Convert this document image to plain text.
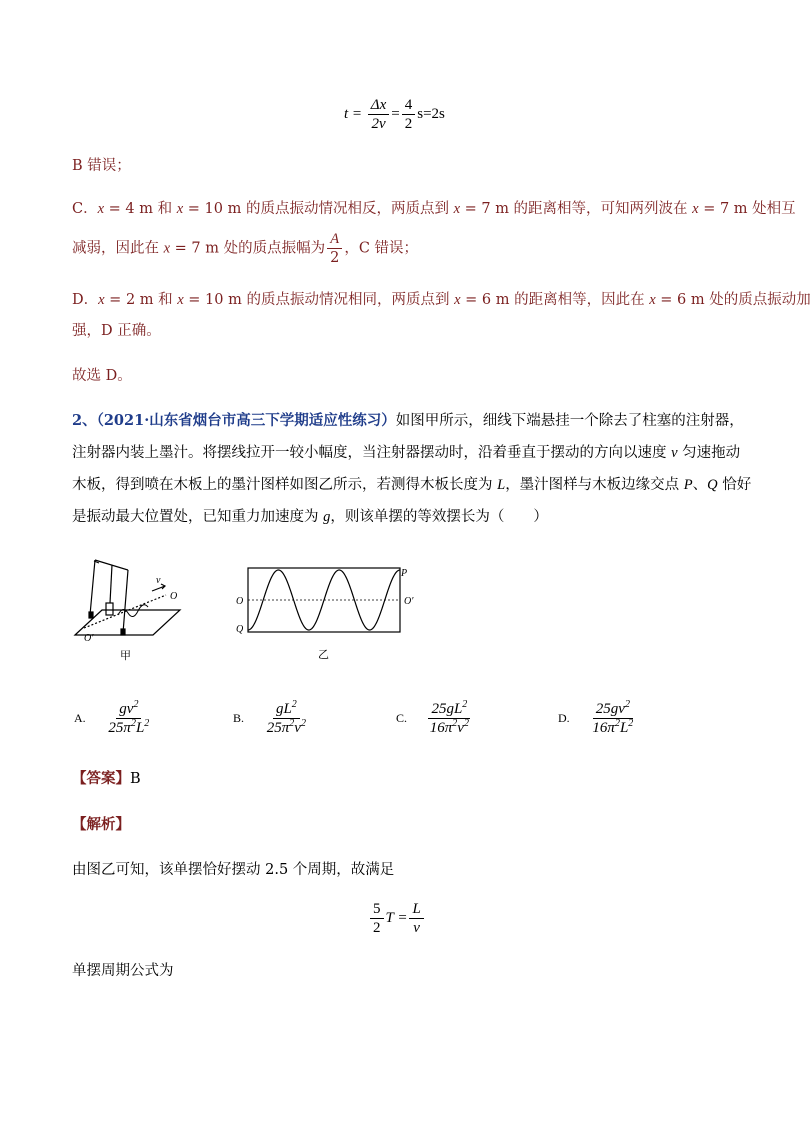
$t = \frac{\Delta x}{2v} = \frac{4}{2} s=2s$
B 错误；
C．x = 4 m 和 x = 10 m 的质点振动情况相反，两质点到 x = 7 m 的距离相等，可知两列波在 x = 7 m 处相互
减弱，因此在 x = 7 m 处的质点振幅为 $\frac{A}{2}$ ，C 错误；
D．x = 2 m 和 x = 10 m 的质点振动情况相同，两质点到 x = 6 m 的距离相等，因此在 x = 6 m 处的质点振动加
强，D 正确。
故选 D。
2、（2021·山东省烟台市高三下学期适应性练习）如图甲所示，细线下端悬挂一个除去了柱塞的注射器，
注射器内装上墨汁。将摆线拉开一较小幅度，当注射器摆动时，沿着垂直于摆动的方向以速度 v 匀速拖动
木板，得到喷在木板上的墨汁图样如图乙所示，若测得木板长度为 L，墨汁图样与木板边缘交点 P、Q 恰好
是振动最大位置处，已知重力加速度为 g，则该单摆的等效摆长为（　　）
v
O
O′
甲
O	O′
P
Q
乙
A. $\frac{gv^2}{25\pi^2L^2}$	B. $\frac{gL^2}{25\pi^2v^2}$	C. $\frac{25gL^2}{16\pi^2v^2}$	D. $\frac{25gv^2}{16\pi^2L^2}$
【答案】B
【解析】
由图乙可知，该单摆恰好摆动 2.5 个周期，故满足
$\frac{5}{2}$ $T = \frac{L}{v}$
单摆周期公式为
